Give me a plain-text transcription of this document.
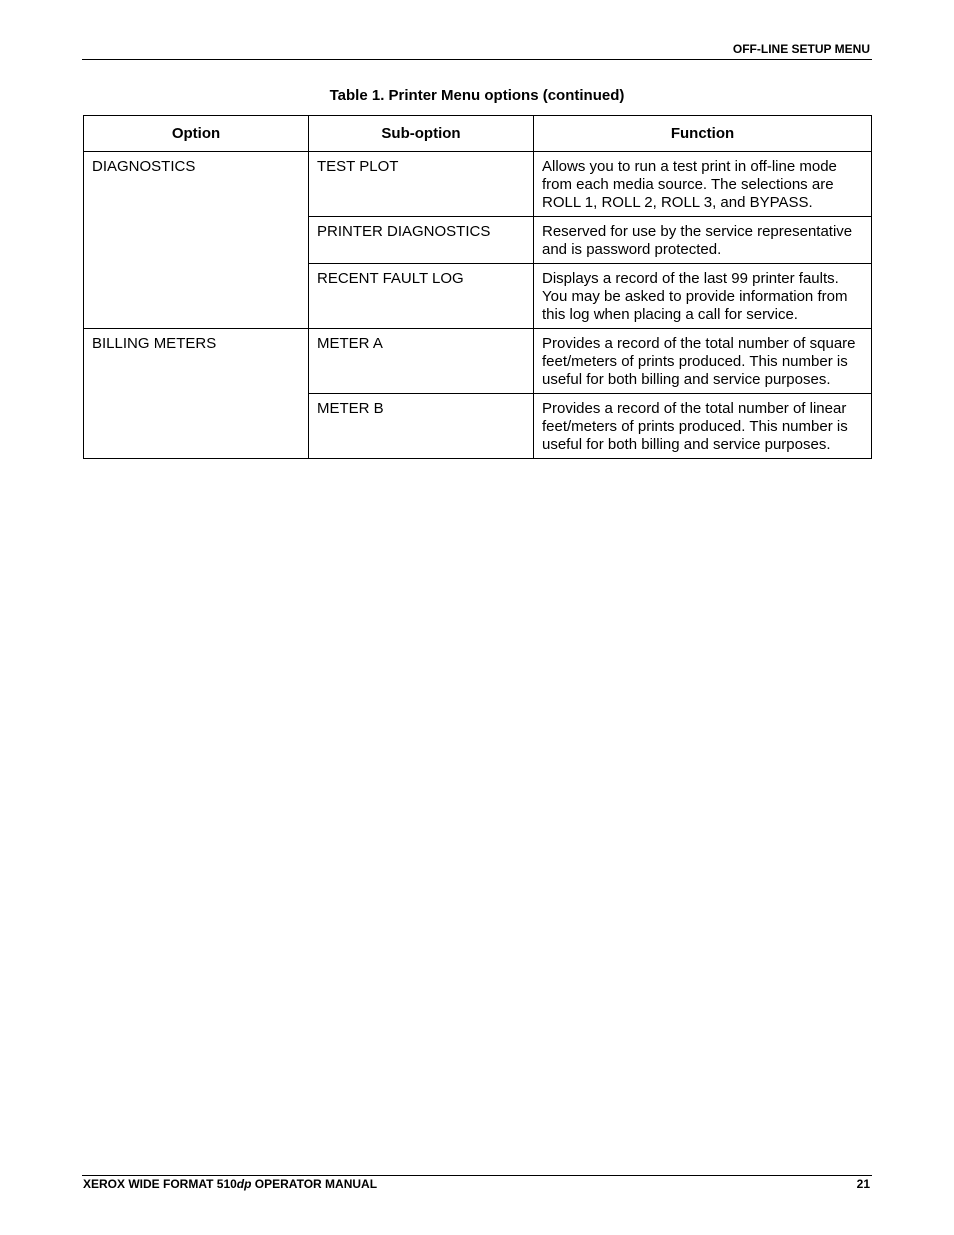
OFF-LINE SETUP MENU
Table 1. Printer Menu options (continued)
Option	Sub-option	Function
DIAGNOSTICS	TEST PLOT	Allows you to run a test print in off-line mode from each media source. The selections are ROLL 1, ROLL 2, ROLL 3, and BYPASS.
	PRINTER DIAGNOSTICS	Reserved for use by the service representative and is password protected.
	RECENT FAULT LOG	Displays a record of the last 99 printer faults. You may be asked to provide information from this log when placing a call for service.
BILLING METERS	METER A	Provides a record of the total number of square feet/meters of prints produced. This number is useful for both billing and service purposes.
	METER B	Provides a record of the total number of linear feet/meters of prints produced. This number is useful for both billing and service purposes.
XEROX WIDE FORMAT 510dp OPERATOR MANUAL	21
